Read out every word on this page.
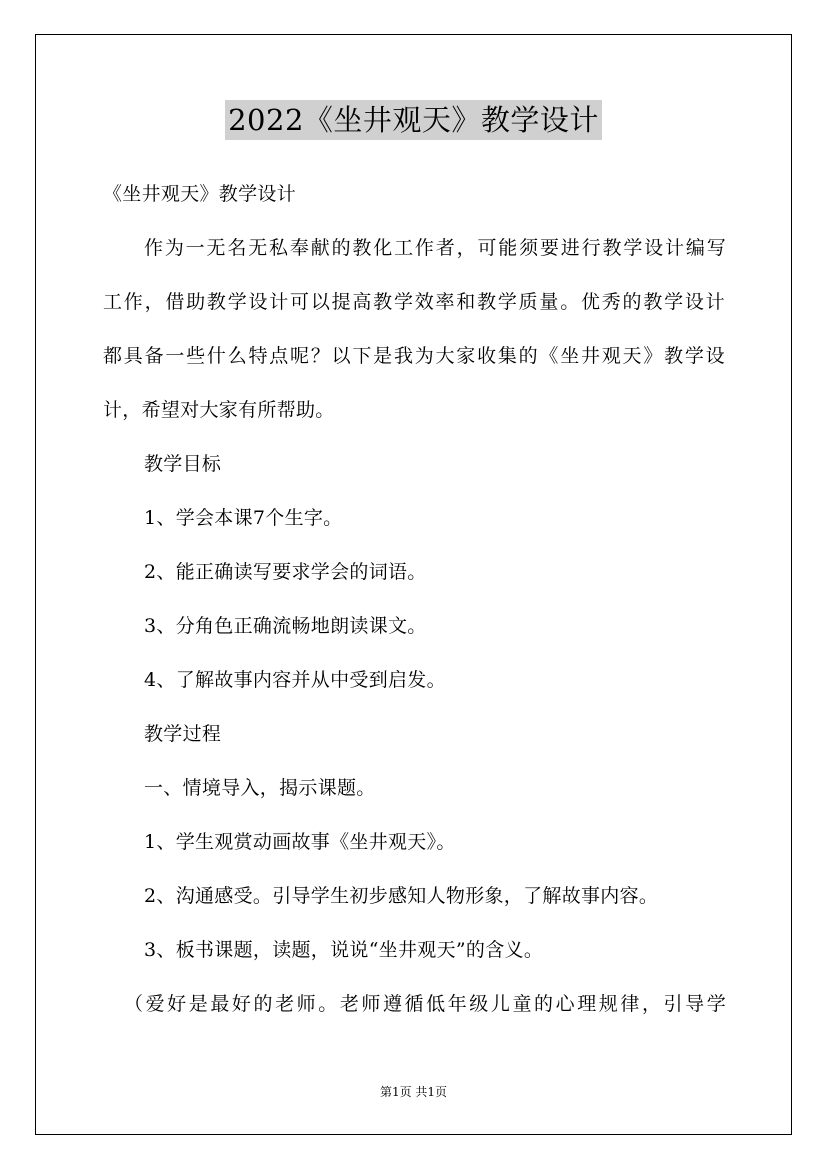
2022《坐井观天》教学设计
《坐井观天》教学设计
作为一无名无私奉献的教化工作者，可能须要进行教学设计编写
工作，借助教学设计可以提高教学效率和教学质量。优秀的教学设计
都具备一些什么特点呢？以下是我为大家收集的《坐井观天》教学设
计，希望对大家有所帮助。
教学目标
1、学会本课7个生字。
2、能正确读写要求学会的词语。
3、分角色正确流畅地朗读课文。
4、了解故事内容并从中受到启发。
教学过程
一、情境导入，揭示课题。
1、学生观赏动画故事《坐井观天》。
2、沟通感受。引导学生初步感知人物形象，了解故事内容。
3、板书课题，读题，说说“坐井观天”的含义。
（爱好是最好的老师。老师遵循低年级儿童的心理规律，引导学
第1页 共1页
